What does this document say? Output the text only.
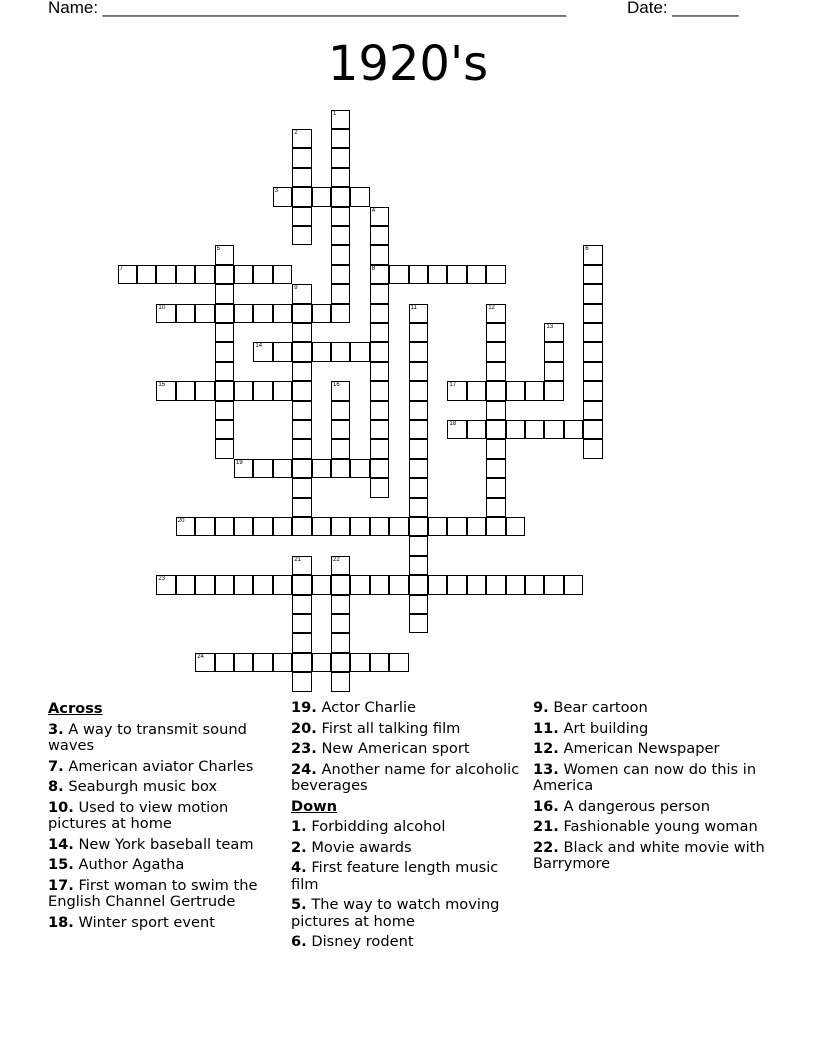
Name: _________________________________________________	Date: _______
1920's
1
2
3
4
8
5	6
7
9
10	11	12
13
14
15	16	17
18
19
20
21	22
23
24
Across
3. A way to transmit sound waves
7. American aviator Charles
8. Seaburgh music box
10. Used to view motion pictures at home
14. New York baseball team
15. Author Agatha
17. First woman to swim the English Channel Gertrude
18. Winter sport event
19. Actor Charlie
20. First all talking film
23. New American sport
24. Another name for alcoholic beverages
Down
1. Forbidding alcohol
2. Movie awards
4. First feature length music film
5. The way to watch moving pictures at home
6. Disney rodent
9. Bear cartoon
11. Art building
12. American Newspaper
13. Women can now do this in America
16. A dangerous person
21. Fashionable young woman
22. Black and white movie with Barrymore
